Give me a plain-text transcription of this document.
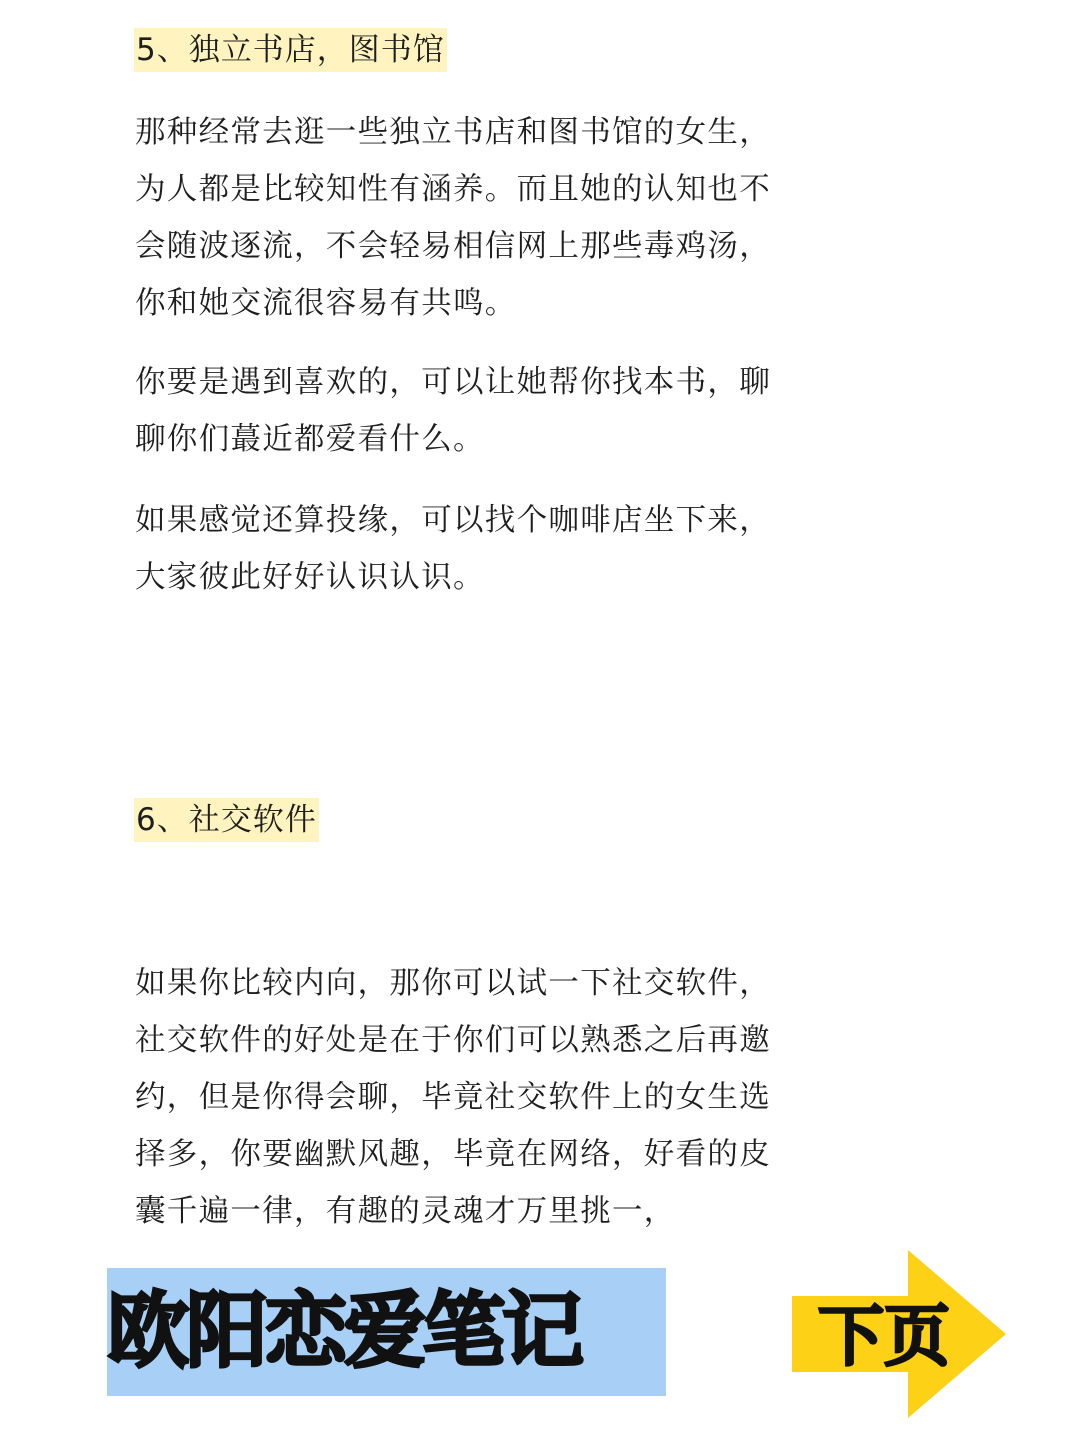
5、独立书店，图书馆
那种经常去逛一些独立书店和图书馆的女生，
为人都是比较知性有涵养。而且她的认知也不
会随波逐流，不会轻易相信网上那些毒鸡汤，
你和她交流很容易有共鸣。
你要是遇到喜欢的，可以让她帮你找本书，聊
聊你们蕞近都爱看什么。
如果感觉还算投缘，可以找个咖啡店坐下来，
大家彼此好好认识认识。
6、社交软件
如果你比较内向，那你可以试一下社交软件，
社交软件的好处是在于你们可以熟悉之后再邀
约，但是你得会聊，毕竟社交软件上的女生选
择多，你要幽默风趣，毕竟在网络，好看的皮
囊千遍一律，有趣的灵魂才万里挑一，
欧阳恋爱笔记	下页
